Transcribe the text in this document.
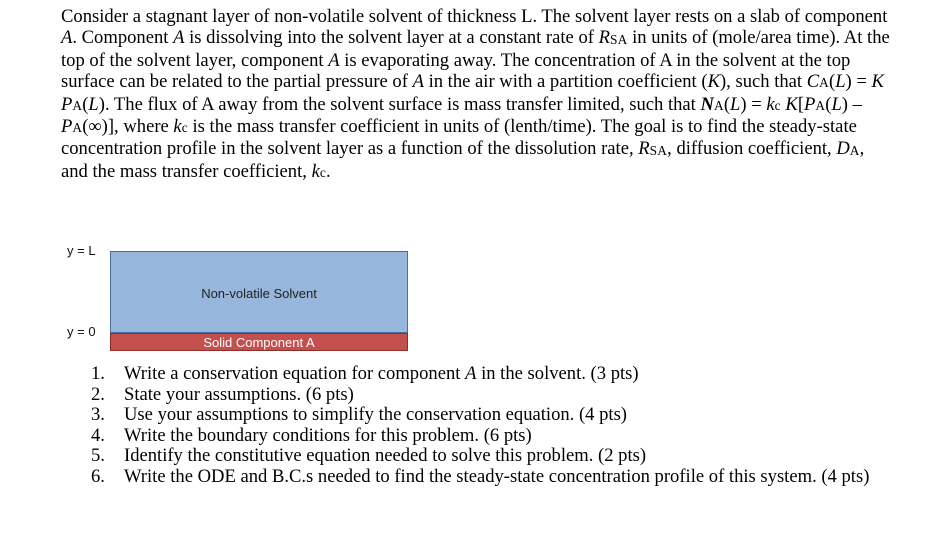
Consider a stagnant layer of non-volatile solvent of thickness L. The solvent layer rests on a slab of component A. Component A is dissolving into the solvent layer at a constant rate of RSA in units of (mole/area time). At the top of the solvent layer, component A is evaporating away. The concentration of A in the solvent at the top surface can be related to the partial pressure of A in the air with a partition coefficient (K), such that CA(L) = K PA(L). The flux of A away from the solvent surface is mass transfer limited, such that NA(L) = kc K[PA(L) – PA(∞)], where kc is the mass transfer coefficient in units of (lenth/time). The goal is to find the steady-state concentration profile in the solvent layer as a function of the dissolution rate, RSA, diffusion coefficient, DA, and the mass transfer coefficient, kc.

y = L
y = 0
Non-volatile Solvent
Solid Component A
1. Write a conservation equation for component A in the solvent. (3 pts)
2. State your assumptions. (6 pts)
3. Use your assumptions to simplify the conservation equation. (4 pts)
4. Write the boundary conditions for this problem. (6 pts)
5. Identify the constitutive equation needed to solve this problem. (2 pts)
6. Write the ODE and B.C.s needed to find the steady-state concentration profile of this system. (4 pts)
